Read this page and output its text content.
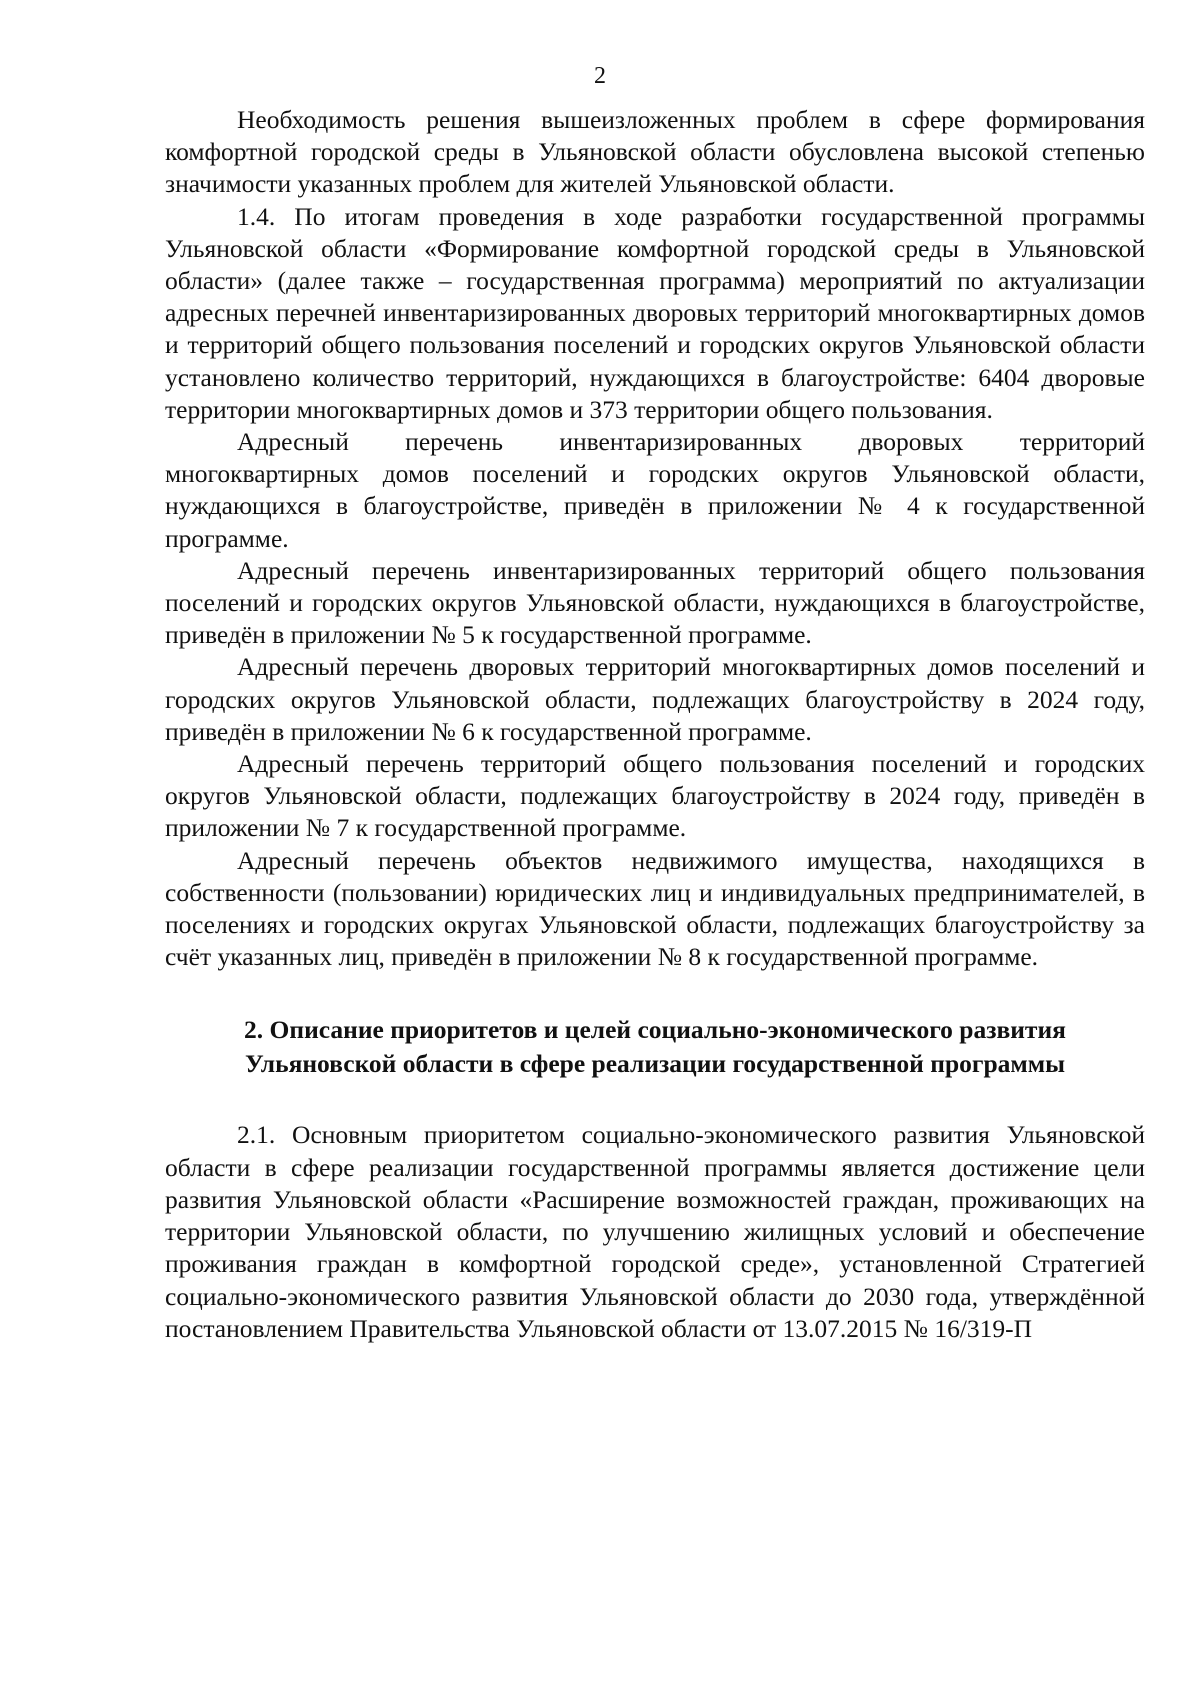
2

Необходимость решения вышеизложенных проблем в сфере формирования комфортной городской среды в Ульяновской области обусловлена высокой степенью значимости указанных проблем для жителей Ульяновской области.

1.4. По итогам проведения в ходе разработки государственной программы Ульяновской области «Формирование комфортной городской среды в Ульяновской области» (далее также – государственная программа) мероприятий по актуализации адресных перечней инвентаризированных дворовых территорий многоквартирных домов и территорий общего пользования поселений и городских округов Ульяновской области установлено количество территорий, нуждающихся в благоустройстве: 6404 дворовые территории многоквартирных домов и 373 территории общего пользования.

Адресный перечень инвентаризированных дворовых территорий многоквартирных домов поселений и городских округов Ульяновской области, нуждающихся в благоустройстве, приведён в приложении № 4 к государственной программе.

Адресный перечень инвентаризированных территорий общего пользования поселений и городских округов Ульяновской области, нуждающихся в благоустройстве, приведён в приложении № 5 к государственной программе.

Адресный перечень дворовых территорий многоквартирных домов поселений и городских округов Ульяновской области, подлежащих благоустройству в 2024 году, приведён в приложении № 6 к государственной программе.

Адресный перечень территорий общего пользования поселений и городских округов Ульяновской области, подлежащих благоустройству в 2024 году, приведён в приложении № 7 к государственной программе.

Адресный перечень объектов недвижимого имущества, находящихся в собственности (пользовании) юридических лиц и индивидуальных предпринимателей, в поселениях и городских округах Ульяновской области, подлежащих благоустройству за счёт указанных лиц, приведён в приложении № 8 к государственной программе.

2. Описание приоритетов и целей социально-экономического развития
Ульяновской области в сфере реализации государственной программы

2.1. Основным приоритетом социально-экономического развития Ульяновской области в сфере реализации государственной программы является достижение цели развития Ульяновской области «Расширение возможностей граждан, проживающих на территории Ульяновской области, по улучшению жилищных условий и обеспечение проживания граждан в комфортной городской среде», установленной Стратегией социально-экономического развития Ульяновской области до 2030 года, утверждённой постановлением Правительства Ульяновской области от 13.07.2015 № 16/319-П
